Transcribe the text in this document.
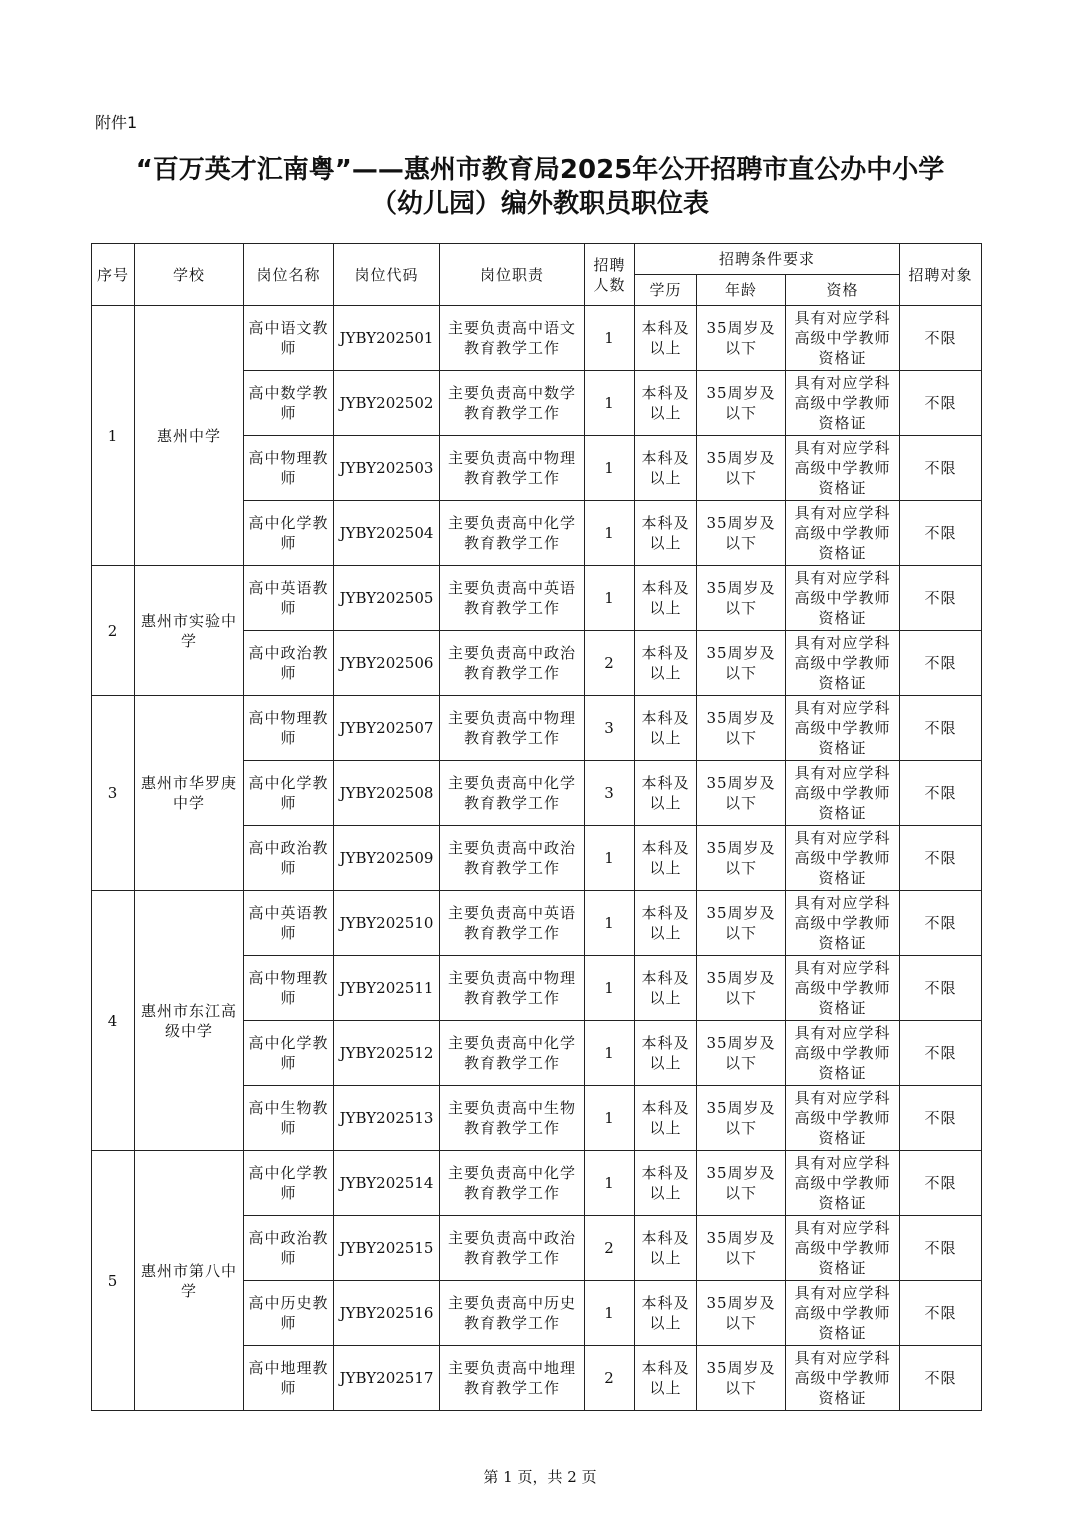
附件1
“百万英才汇南粤”——惠州市教育局2025年公开招聘市直公办中小学
（幼儿园）编外教职员职位表
序号	学校	岗位名称	岗位代码	岗位职责	招聘人数	招聘条件要求			招聘对象
						学历	年龄	资格	
1	惠州中学	高中语文教师	JYBY202501	主要负责高中语文教育教学工作	1	本科及以上	35周岁及以下	具有对应学科高级中学教师资格证	不限
		高中数学教师	JYBY202502	主要负责高中数学教育教学工作	1	本科及以上	35周岁及以下	具有对应学科高级中学教师资格证	不限
		高中物理教师	JYBY202503	主要负责高中物理教育教学工作	1	本科及以上	35周岁及以下	具有对应学科高级中学教师资格证	不限
		高中化学教师	JYBY202504	主要负责高中化学教育教学工作	1	本科及以上	35周岁及以下	具有对应学科高级中学教师资格证	不限
2	惠州市实验中学	高中英语教师	JYBY202505	主要负责高中英语教育教学工作	1	本科及以上	35周岁及以下	具有对应学科高级中学教师资格证	不限
		高中政治教师	JYBY202506	主要负责高中政治教育教学工作	2	本科及以上	35周岁及以下	具有对应学科高级中学教师资格证	不限
3	惠州市华罗庚中学	高中物理教师	JYBY202507	主要负责高中物理教育教学工作	3	本科及以上	35周岁及以下	具有对应学科高级中学教师资格证	不限
		高中化学教师	JYBY202508	主要负责高中化学教育教学工作	3	本科及以上	35周岁及以下	具有对应学科高级中学教师资格证	不限
		高中政治教师	JYBY202509	主要负责高中政治教育教学工作	1	本科及以上	35周岁及以下	具有对应学科高级中学教师资格证	不限
4	惠州市东江高级中学	高中英语教师	JYBY202510	主要负责高中英语教育教学工作	1	本科及以上	35周岁及以下	具有对应学科高级中学教师资格证	不限
		高中物理教师	JYBY202511	主要负责高中物理教育教学工作	1	本科及以上	35周岁及以下	具有对应学科高级中学教师资格证	不限
		高中化学教师	JYBY202512	主要负责高中化学教育教学工作	1	本科及以上	35周岁及以下	具有对应学科高级中学教师资格证	不限
		高中生物教师	JYBY202513	主要负责高中生物教育教学工作	1	本科及以上	35周岁及以下	具有对应学科高级中学教师资格证	不限
5	惠州市第八中学	高中化学教师	JYBY202514	主要负责高中化学教育教学工作	1	本科及以上	35周岁及以下	具有对应学科高级中学教师资格证	不限
		高中政治教师	JYBY202515	主要负责高中政治教育教学工作	2	本科及以上	35周岁及以下	具有对应学科高级中学教师资格证	不限
		高中历史教师	JYBY202516	主要负责高中历史教育教学工作	1	本科及以上	35周岁及以下	具有对应学科高级中学教师资格证	不限
		高中地理教师	JYBY202517	主要负责高中地理教育教学工作	2	本科及以上	35周岁及以下	具有对应学科高级中学教师资格证	不限
第 1 页，共 2 页
